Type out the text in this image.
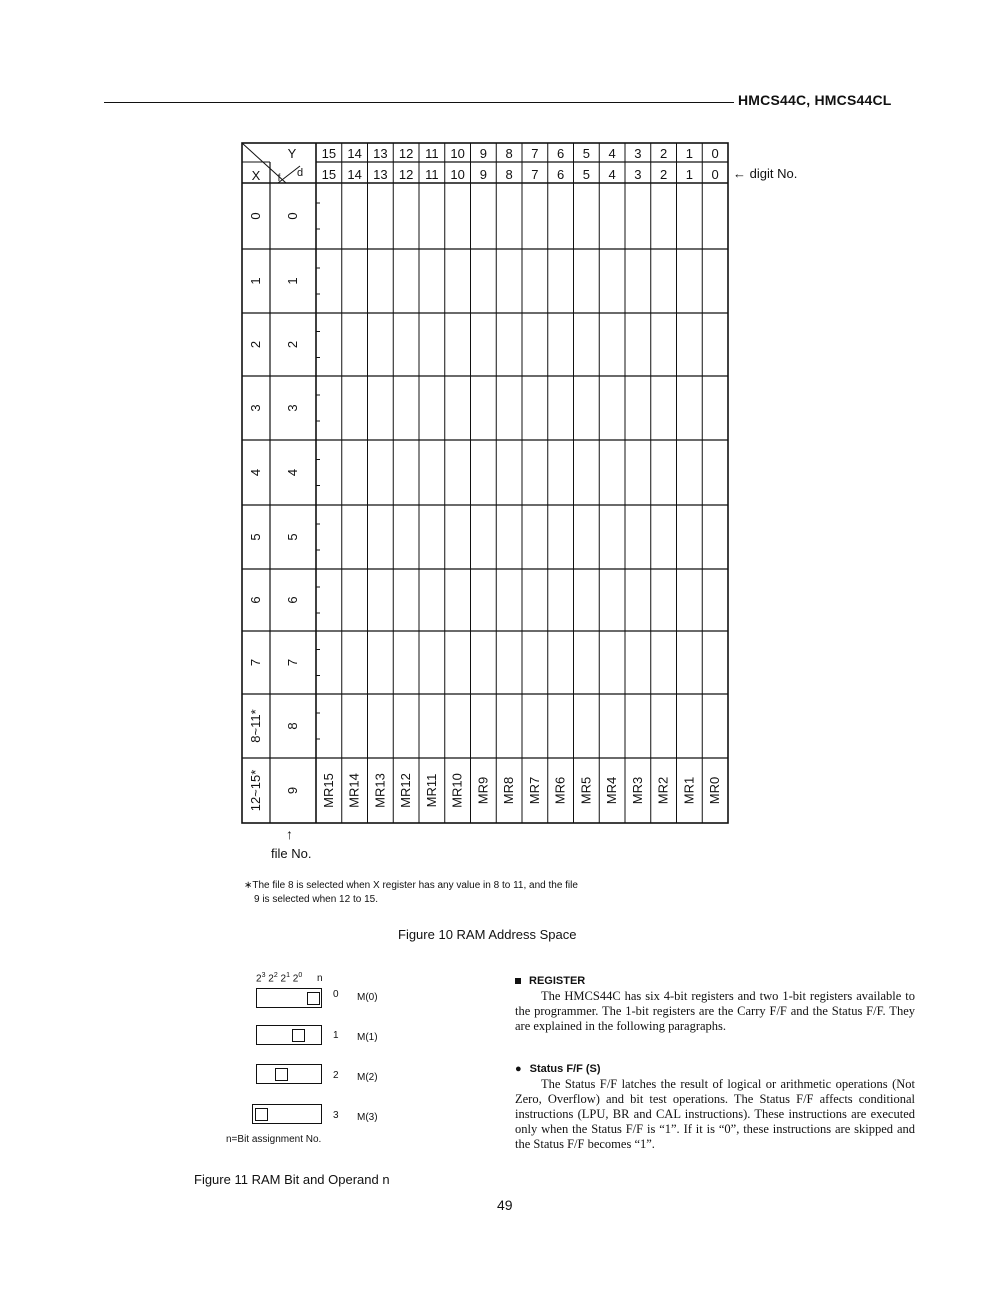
HMCS44C, HMCS44CL
Y
X f d
15
15
14
14
13
13
12
12
11
11
10
10
9
9
8
8
7
7
6
6
5
5
4
4
3
3
2
2
1
1
0
0
0 0
1 1
2 2
3 3
4 4
5 5
6 6
7 7
8~11* 8
12~15* 9 MR15 MR14 MR13 MR12 MR11 MR10 MR9 MR8 MR7 MR6 MR5 MR4 MR3 MR2 MR1 MR0
← digit No.
↑
file No.
∗The file 8 is selected when X register has any value in 8 to 11, and the file
9 is selected when 12 to 15.
Figure 10 RAM Address Space
$2^3$ $2^2$ $2^1$ $2^0$ n
0 M(0)
1 M(1)
2 M(2)
3 M(3)
n=Bit assignment No.
Figure 11 RAM Bit and Operand n
REGISTER

The HMCS44C has six 4-bit registers and two 1-bit registers available to the programmer. The 1-bit registers are the Carry F/F and the Status F/F. They are explained in the following paragraphs.

● Status F/F (S)

The Status F/F latches the result of logical or arithmetic operations (Not Zero, Overflow) and bit test operations. The Status F/F affects conditional instructions (LPU, BR and CAL instructions). These instructions are executed only when the Status F/F is “1”. If it is “0”, these instructions are skipped and the Status F/F becomes “1”.

49
